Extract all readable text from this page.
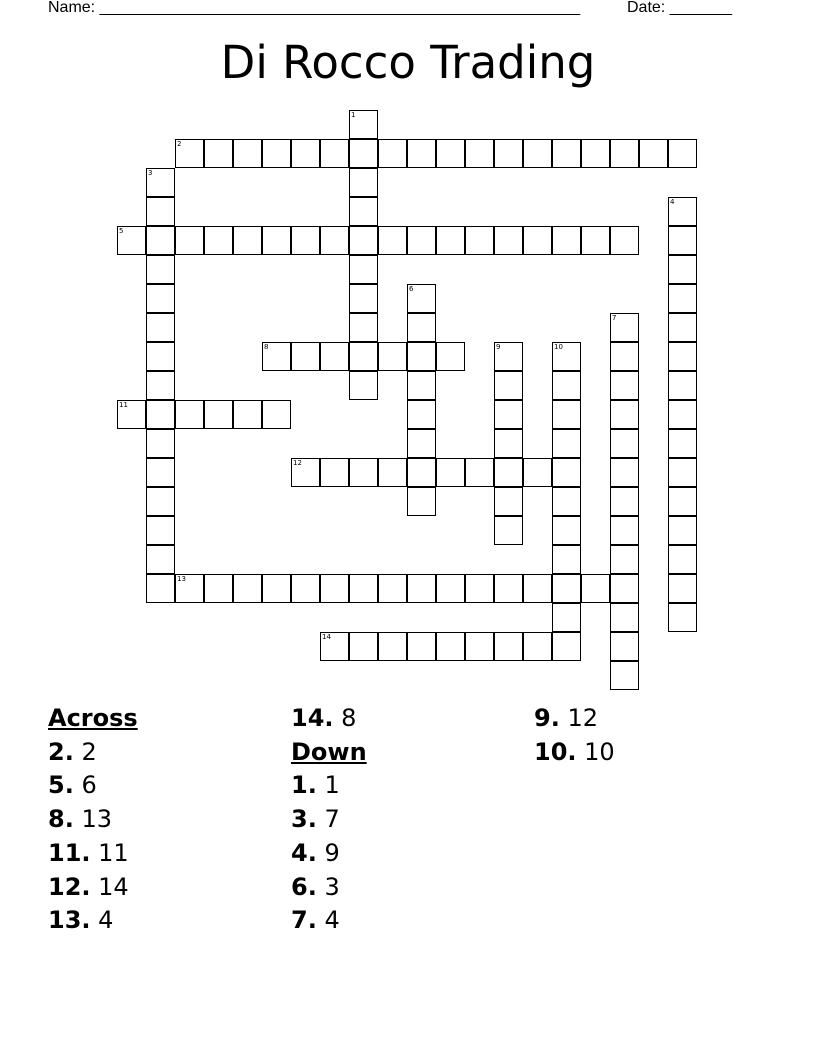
Name: ______________________________________________________	Date: _______
Di Rocco Trading
1
2
3
4
5
6
7
8	9	10
11
12
13
14
Across
2. 2
5. 6
8. 13
11. 11
12. 14
13. 4
14. 8
Down
1. 1
3. 7
4. 9
6. 3
7. 4
9. 12
10. 10
